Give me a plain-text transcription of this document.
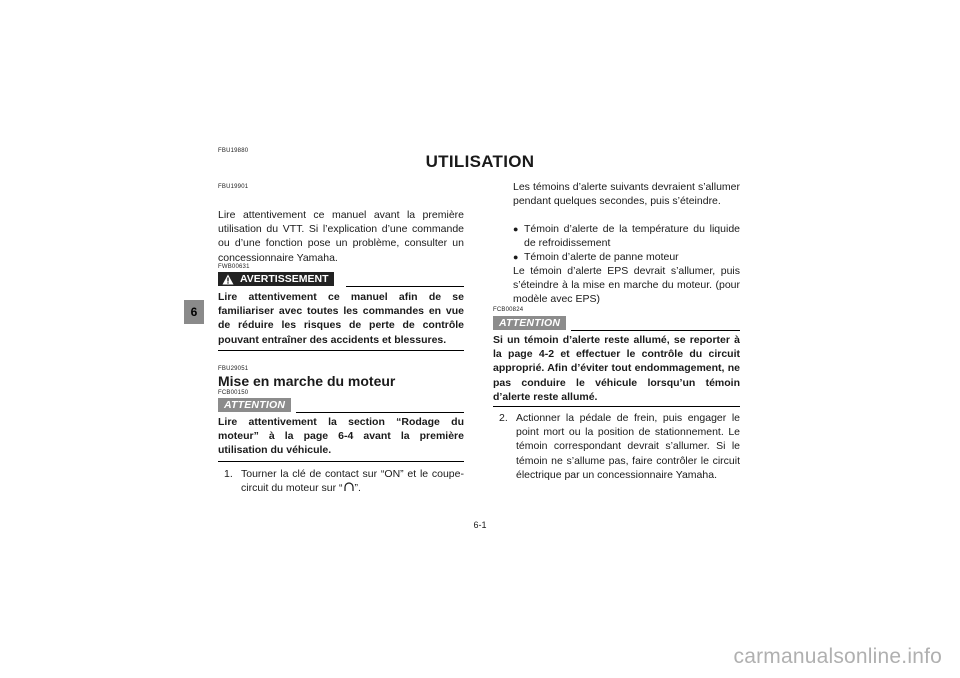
FBU19880
UTILISATION
6
FBU19901
Lire attentivement ce manuel avant la première utilisation du VTT. Si l’explication d’une commande ou d’une fonction pose un problème, consulter un concessionnaire Yamaha.
FWB00631
AVERTISSEMENT
Lire attentivement ce manuel afin de se familiariser avec toutes les commandes en vue de réduire les risques de perte de contrôle pouvant entraîner des accidents et blessures.
FBU29051
Mise en marche du moteur
FCB00150
ATTENTION
Lire attentivement la section “Rodage du moteur” à la page 6-4 avant la première utilisation du véhicule.
1. Tourner la clé de contact sur “ON” et le coupe-circuit du moteur sur “ ”.
Les témoins d’alerte suivants devraient s’allumer pendant quelques secondes, puis s’éteindre.
● Témoin d’alerte de la température du liquide de refroidissement
● Témoin d’alerte de panne moteur
Le témoin d’alerte EPS devrait s’allumer, puis s’éteindre à la mise en marche du moteur. (pour modèle avec EPS)
FCB00824
ATTENTION
Si un témoin d’alerte reste allumé, se reporter à la page 4-2 et effectuer le contrôle du circuit approprié. Afin d’éviter tout endommagement, ne pas conduire le véhicule lorsqu’un témoin d’alerte reste allumé.
2. Actionner la pédale de frein, puis engager le point mort ou la position de stationnement. Le témoin correspondant devrait s’allumer. Si le témoin ne s’allume pas, faire contrôler le circuit électrique par un concessionnaire Yamaha.
6-1
carmanualsonline.info
